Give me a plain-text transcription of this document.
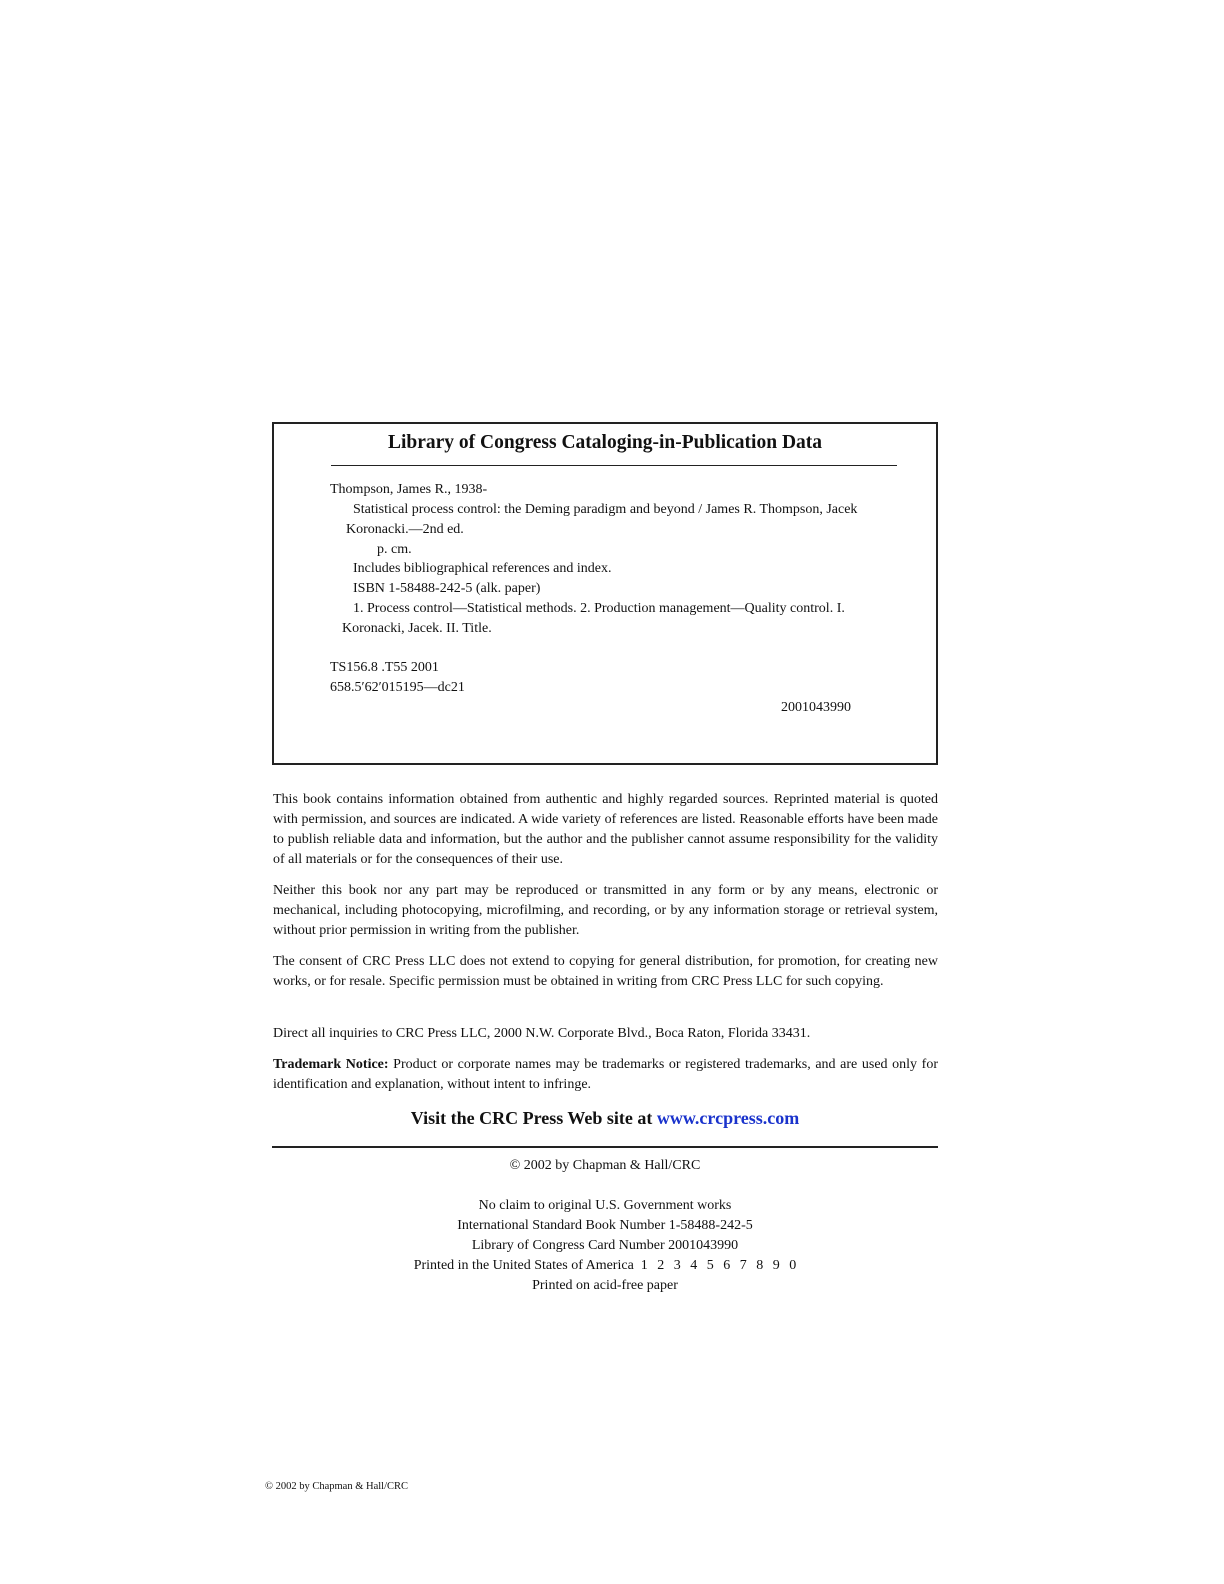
Library of Congress Cataloging-in-Publication Data
Thompson, James R., 1938-
Statistical process control: the Deming paradigm and beyond / James R. Thompson, Jacek
Koronacki.—2nd ed.
p. cm.
Includes bibliographical references and index.
ISBN 1-58488-242-5 (alk. paper)
1. Process control—Statistical methods. 2. Production management—Quality control. I.
Koronacki, Jacek. II. Title.
TS156.8 .T55 2001
658.5′62′015195—dc21
2001043990

This book contains information obtained from authentic and highly regarded sources. Reprinted material is quoted with permission, and sources are indicated. A wide variety of references are listed. Reasonable efforts have been made to publish reliable data and information, but the author and the publisher cannot assume responsibility for the validity of all materials or for the consequences of their use.

Neither this book nor any part may be reproduced or transmitted in any form or by any means, electronic or mechanical, including photocopying, microfilming, and recording, or by any information storage or retrieval system, without prior permission in writing from the publisher.

The consent of CRC Press LLC does not extend to copying for general distribution, for promotion, for creating new works, or for resale. Specific permission must be obtained in writing from CRC Press LLC for such copying.

Direct all inquiries to CRC Press LLC, 2000 N.W. Corporate Blvd., Boca Raton, Florida 33431.

Trademark Notice: Product or corporate names may be trademarks or registered trademarks, and are used only for identification and explanation, without intent to infringe.

Visit the CRC Press Web site at www.crcpress.com
© 2002 by Chapman & Hall/CRC
No claim to original U.S. Government works
International Standard Book Number 1-58488-242-5
Library of Congress Card Number 2001043990
Printed in the United States of America 1 2 3 4 5 6 7 8 9 0
Printed on acid-free paper
© 2002 by Chapman & Hall/CRC
